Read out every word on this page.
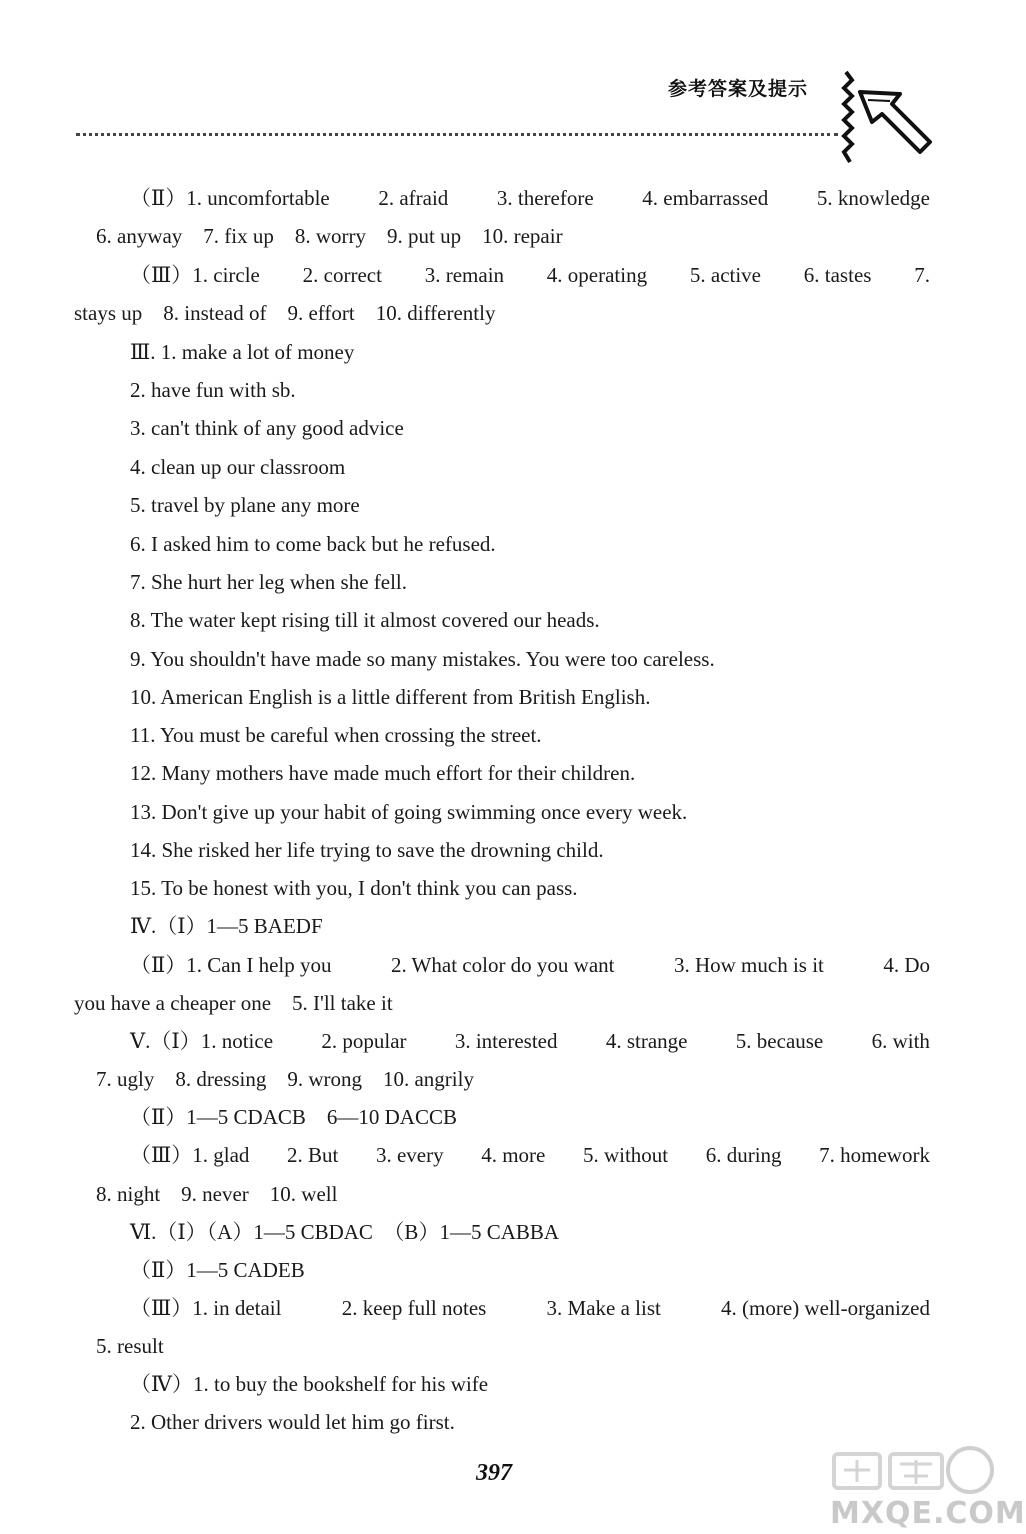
参考答案及提示
（Ⅱ）1. uncomfortable 2. afraid 3. therefore 4. embarrassed 5. knowledge
6. anyway　7. fix up　8. worry　9. put up　10. repair
（Ⅲ）1. circle 2. correct 3. remain 4. operating 5. active 6. tastes 7.
stays up　8. instead of　9. effort　10. differently
Ⅲ. 1. make a lot of money
2. have fun with sb.
3. can't think of any good advice
4. clean up our classroom
5. travel by plane any more
6. I asked him to come back but he refused.
7. She hurt her leg when she fell.
8. The water kept rising till it almost covered our heads.
9. You shouldn't have made so many mistakes. You were too careless.
10. American English is a little different from British English.
11. You must be careful when crossing the street.
12. Many mothers have made much effort for their children.
13. Don't give up your habit of going swimming once every week.
14. She risked her life trying to save the drowning child.
15. To be honest with you, I don't think you can pass.
Ⅳ.（Ⅰ）1—5 BAEDF
（Ⅱ）1. Can I help you	2. What color do you want	3. How much is it	4. Do
you have a cheaper one　5. I'll take it
Ⅴ.（Ⅰ）1. notice 2. popular 3. interested 4. strange 5. because 6. with
7. ugly　8. dressing　9. wrong　10. angrily
（Ⅱ）1—5 CDACB　6—10 DACCB
（Ⅲ）1. glad 2. But 3. every 4. more 5. without 6. during 7. homework
8. night　9. never　10. well
Ⅵ.（Ⅰ）（A）1—5 CBDAC　（B）1—5 CABBA
（Ⅱ）1—5 CADEB
（Ⅲ）1. in detail	2. keep full notes	3. Make a list	4. (more) well-organized
5. result
（Ⅳ）1. to buy the bookshelf for his wife
2. Other drivers would let him go first.
397
MXQE.COM
